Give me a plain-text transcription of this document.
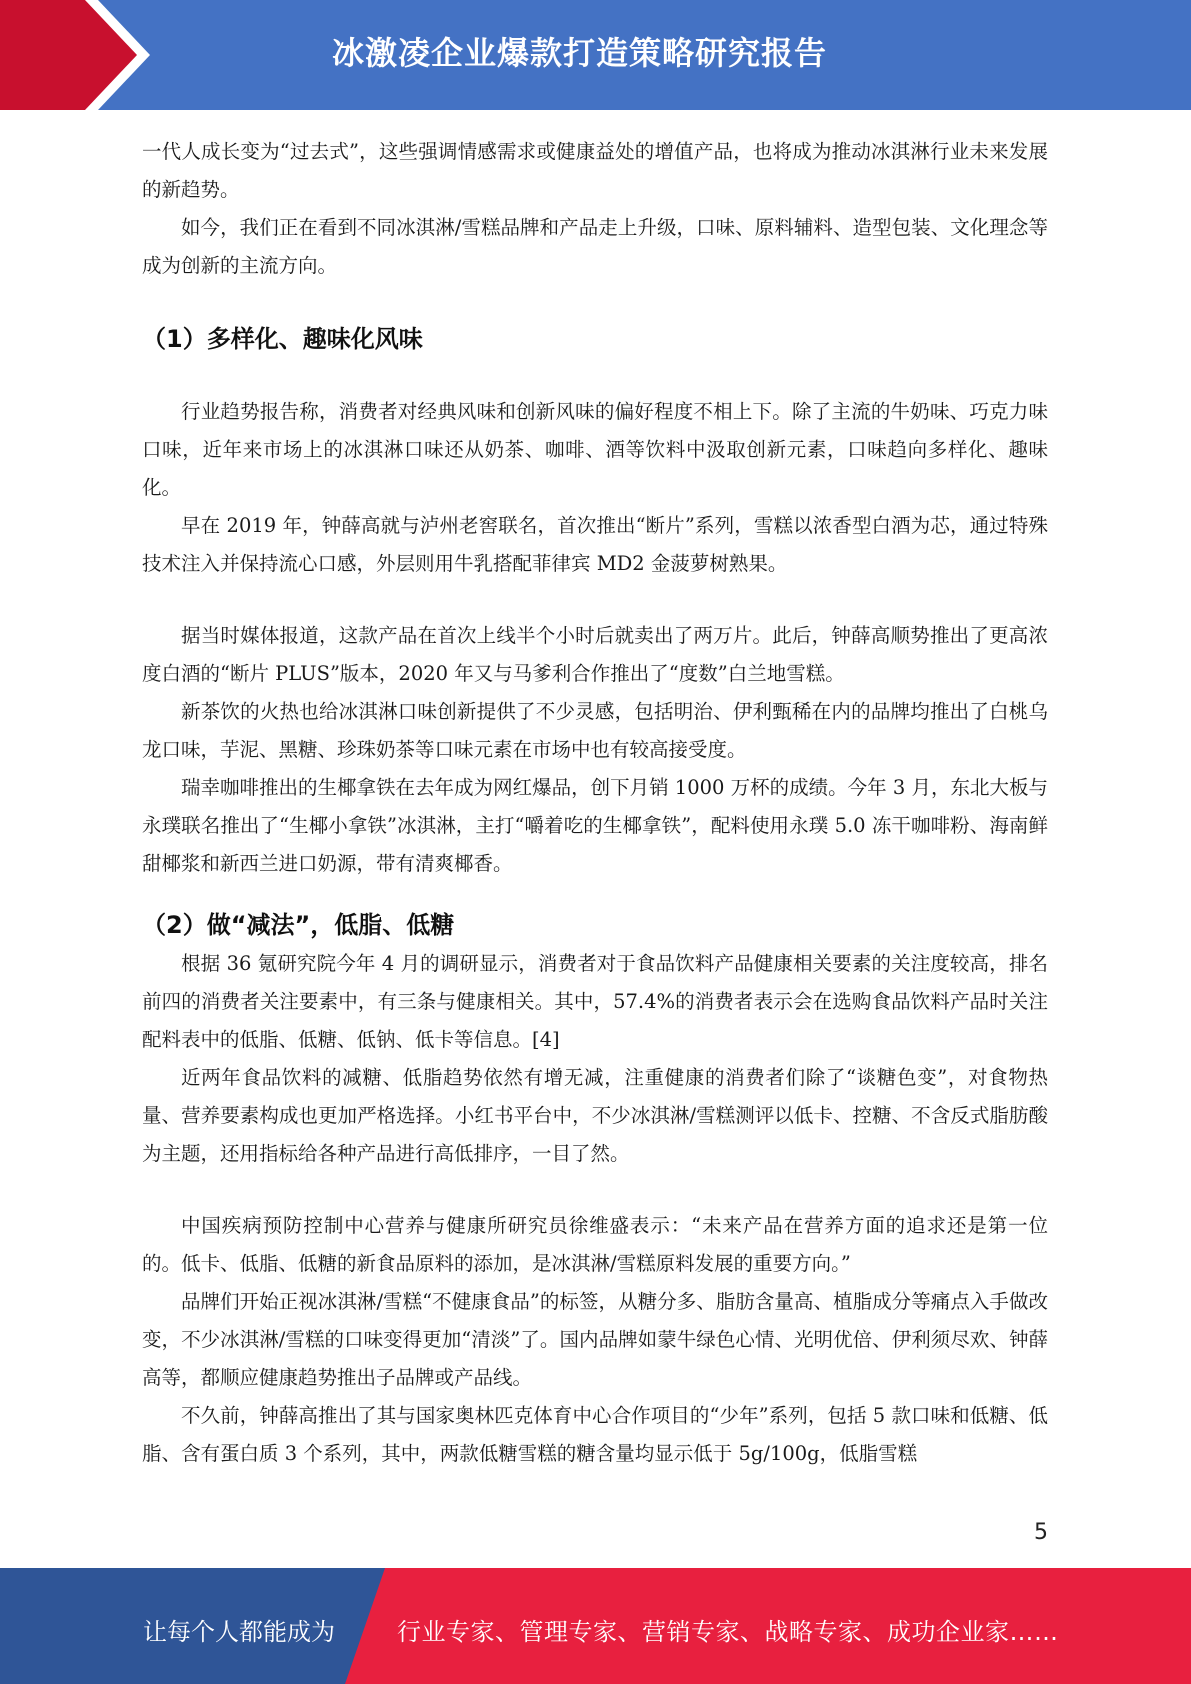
冰激凌企业爆款打造策略研究报告

一代人成长变为“过去式”，这些强调情感需求或健康益处的增值产品，也将成为推动冰淇淋行业未来发展的新趋势。

如今，我们正在看到不同冰淇淋/雪糕品牌和产品走上升级，口味、原料辅料、造型包装、文化理念等成为创新的主流方向。

（1）多样化、趣味化风味

行业趋势报告称，消费者对经典风味和创新风味的偏好程度不相上下。除了主流的牛奶味、巧克力味口味，近年来市场上的冰淇淋口味还从奶茶、咖啡、酒等饮料中汲取创新元素，口味趋向多样化、趣味化。

早在 2019 年，钟薛高就与泸州老窖联名，首次推出“断片”系列，雪糕以浓香型白酒为芯，通过特殊技术注入并保持流心口感，外层则用牛乳搭配菲律宾 MD2 金菠萝树熟果。

据当时媒体报道，这款产品在首次上线半个小时后就卖出了两万片。此后，钟薛高顺势推出了更高浓度白酒的“断片 PLUS”版本，2020 年又与马爹利合作推出了“度数”白兰地雪糕。

新茶饮的火热也给冰淇淋口味创新提供了不少灵感，包括明治、伊利甄稀在内的品牌均推出了白桃乌龙口味，芋泥、黑糖、珍珠奶茶等口味元素在市场中也有较高接受度。

瑞幸咖啡推出的生椰拿铁在去年成为网红爆品，创下月销 1000 万杯的成绩。今年 3 月，东北大板与永璞联名推出了“生椰小拿铁”冰淇淋，主打“嚼着吃的生椰拿铁”，配料使用永璞 5.0 冻干咖啡粉、海南鲜甜椰浆和新西兰进口奶源，带有清爽椰香。

（2）做“减法”，低脂、低糖

根据 36 氪研究院今年 4 月的调研显示，消费者对于食品饮料产品健康相关要素的关注度较高，排名前四的消费者关注要素中，有三条与健康相关。其中，57.4%的消费者表示会在选购食品饮料产品时关注配料表中的低脂、低糖、低钠、低卡等信息。[4]

近两年食品饮料的减糖、低脂趋势依然有增无减，注重健康的消费者们除了“谈糖色变”，对食物热量、营养要素构成也更加严格选择。小红书平台中，不少冰淇淋/雪糕测评以低卡、控糖、不含反式脂肪酸为主题，还用指标给各种产品进行高低排序，一目了然。

中国疾病预防控制中心营养与健康所研究员徐维盛表示：“未来产品在营养方面的追求还是第一位的。低卡、低脂、低糖的新食品原料的添加，是冰淇淋/雪糕原料发展的重要方向。”

品牌们开始正视冰淇淋/雪糕“不健康食品”的标签，从糖分多、脂肪含量高、植脂成分等痛点入手做改变，不少冰淇淋/雪糕的口味变得更加“清淡”了。国内品牌如蒙牛绿色心情、光明优倍、伊利须尽欢、钟薛高等，都顺应健康趋势推出子品牌或产品线。

不久前，钟薛高推出了其与国家奥林匹克体育中心合作项目的“少年”系列，包括 5 款口味和低糖、低脂、含有蛋白质 3 个系列，其中，两款低糖雪糕的糖含量均显示低于 5g/100g，低脂雪糕

5
让每个人都能成为	行业专家、管理专家、营销专家、战略专家、成功企业家……
